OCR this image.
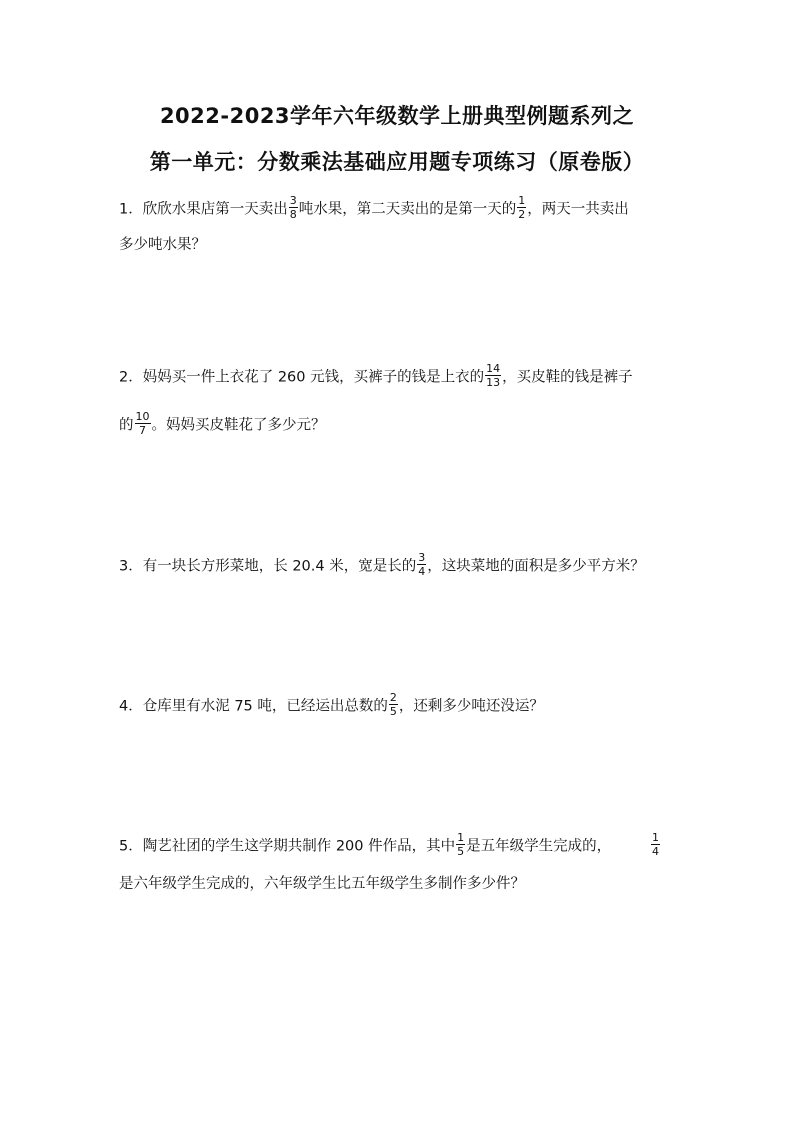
2022-2023学年六年级数学上册典型例题系列之
第一单元：分数乘法基础应用题专项练习（原卷版）
1．欣欣水果店第一天卖出 $\frac{3}{8}$ 吨水果，第二天卖出的是第一天的 $\frac{1}{2}$ ，两天一共卖出
多少吨水果？
2．妈妈买一件上衣花了 260 元钱，买裤子的钱是上衣的 $\frac{14}{13}$ ，买皮鞋的钱是裤子
的 $\frac{10}{7}$ 。妈妈买皮鞋花了多少元？
3．有一块长方形菜地，长 20.4 米，宽是长的 $\frac{3}{4}$ ，这块菜地的面积是多少平方米？
4．仓库里有水泥 75 吨，已经运出总数的 $\frac{2}{5}$ ，还剩多少吨还没运？
5．陶艺社团的学生这学期共制作 200 件作品，其中 $\frac{1}{5}$ 是五年级学生完成的，	$\frac{1}{4}$
是六年级学生完成的，六年级学生比五年级学生多制作多少件？
